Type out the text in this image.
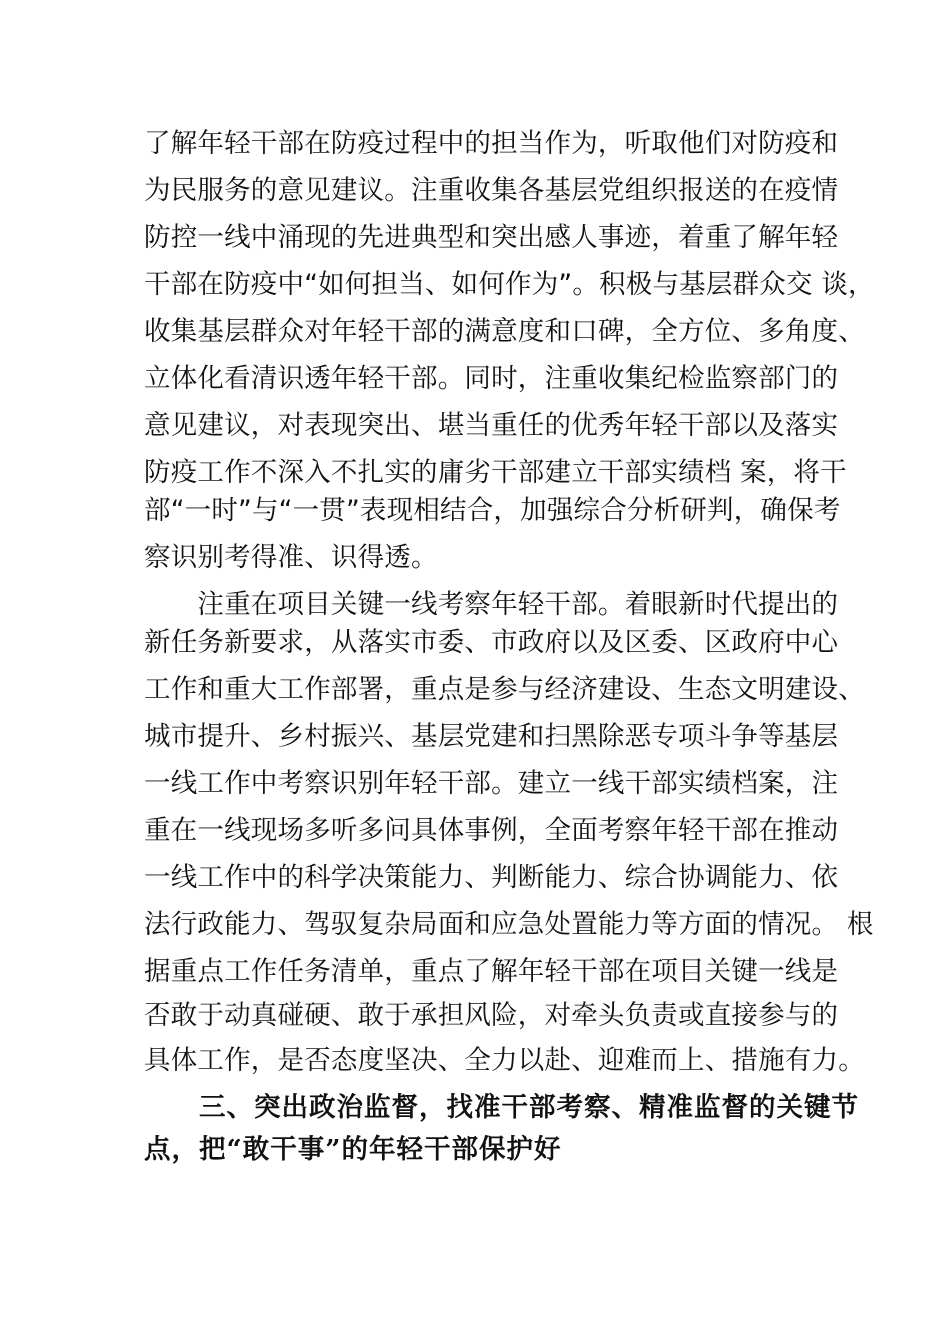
了解年轻干部在防疫过程中的担当作为，听取他们对防疫和
为民服务的意见建议。注重收集各基层党组织报送的在疫情
防控一线中涌现的先进典型和突出感人事迹，着重了解年轻
干部在防疫中“如何担当、如何作为”。积极与基层群众交 谈，
收集基层群众对年轻干部的满意度和口碑，全方位、多角度、
立体化看清识透年轻干部。同时，注重收集纪检监察部门的
意见建议，对表现突出、堪当重任的优秀年轻干部以及落实
防疫工作不深入不扎实的庸劣干部建立干部实绩档 案，将干
部“一时”与“一贯”表现相结合，加强综合分析研判，确保考
察识别考得准、识得透。
　　注重在项目关键一线考察年轻干部。着眼新时代提出的
新任务新要求，从落实市委、市政府以及区委、区政府中心
工作和重大工作部署，重点是参与经济建设、生态文明建设、
城市提升、乡村振兴、基层党建和扫黑除恶专项斗争等基层
一线工作中考察识别年轻干部。建立一线干部实绩档案，注
重在一线现场多听多问具体事例，全面考察年轻干部在推动
一线工作中的科学决策能力、判断能力、综合协调能力、依
法行政能力、驾驭复杂局面和应急处置能力等方面的情况。 根
据重点工作任务清单，重点了解年轻干部在项目关键一线是
否敢于动真碰硬、敢于承担风险，对牵头负责或直接参与的
具体工作，是否态度坚决、全力以赴、迎难而上、措施有力。
　　三、突出政治监督，找准干部考察、精准监督的关键节
点，把“敢干事”的年轻干部保护好
